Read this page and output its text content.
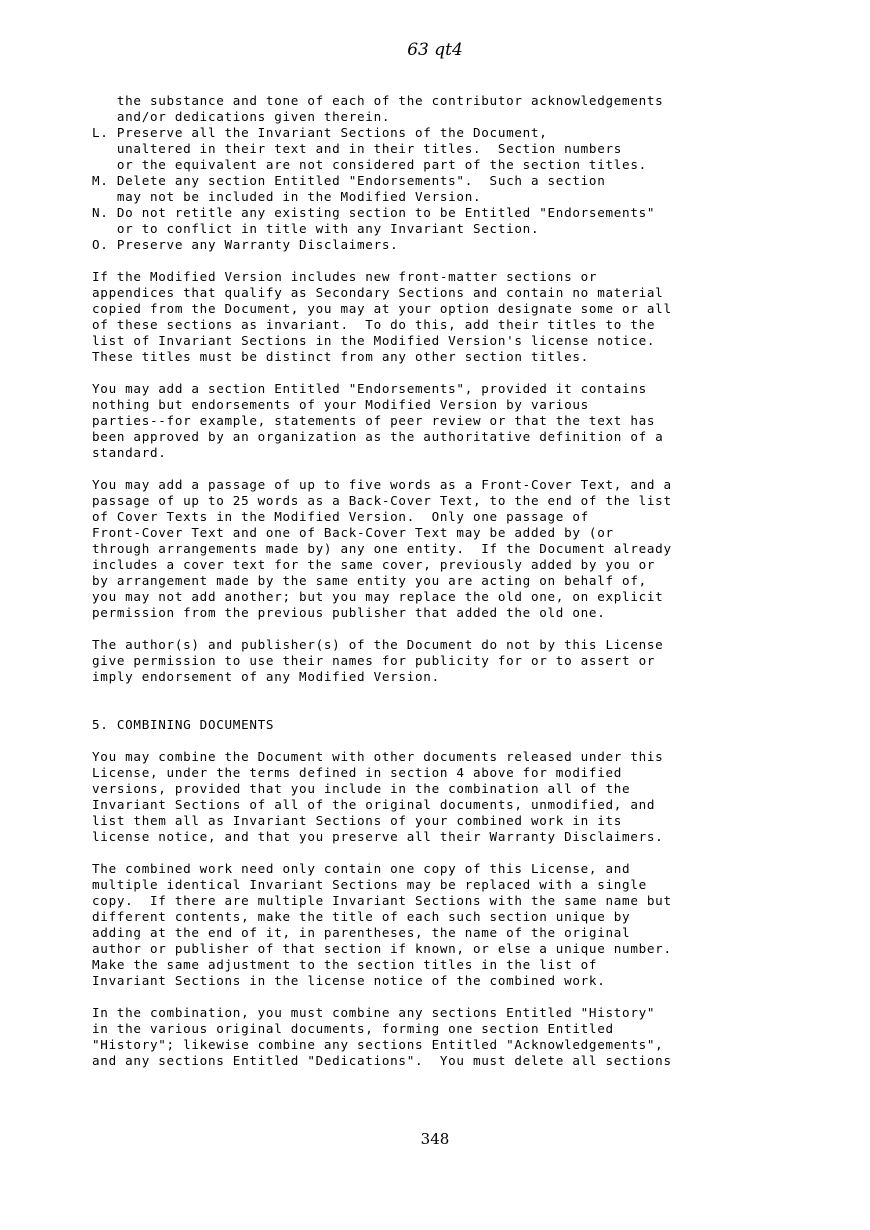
63 qt4
the substance and tone of each of the contributor acknowledgements
and/or dedications given therein.
L. Preserve all the Invariant Sections of the Document,
unaltered in their text and in their titles.  Section numbers
or the equivalent are not considered part of the section titles.
M. Delete any section Entitled "Endorsements".  Such a section
may not be included in the Modified Version.
N. Do not retitle any existing section to be Entitled "Endorsements"
or to conflict in title with any Invariant Section.
O. Preserve any Warranty Disclaimers.
If the Modified Version includes new front-matter sections or
appendices that qualify as Secondary Sections and contain no material
copied from the Document, you may at your option designate some or all
of these sections as invariant.  To do this, add their titles to the
list of Invariant Sections in the Modified Version's license notice.
These titles must be distinct from any other section titles.
You may add a section Entitled "Endorsements", provided it contains
nothing but endorsements of your Modified Version by various
parties--for example, statements of peer review or that the text has
been approved by an organization as the authoritative definition of a
standard.
You may add a passage of up to five words as a Front-Cover Text, and a
passage of up to 25 words as a Back-Cover Text, to the end of the list
of Cover Texts in the Modified Version.  Only one passage of
Front-Cover Text and one of Back-Cover Text may be added by (or
through arrangements made by) any one entity.  If the Document already
includes a cover text for the same cover, previously added by you or
by arrangement made by the same entity you are acting on behalf of,
you may not add another; but you may replace the old one, on explicit
permission from the previous publisher that added the old one.
The author(s) and publisher(s) of the Document do not by this License
give permission to use their names for publicity for or to assert or
imply endorsement of any Modified Version.
5. COMBINING DOCUMENTS
You may combine the Document with other documents released under this
License, under the terms defined in section 4 above for modified
versions, provided that you include in the combination all of the
Invariant Sections of all of the original documents, unmodified, and
list them all as Invariant Sections of your combined work in its
license notice, and that you preserve all their Warranty Disclaimers.
The combined work need only contain one copy of this License, and
multiple identical Invariant Sections may be replaced with a single
copy.  If there are multiple Invariant Sections with the same name but
different contents, make the title of each such section unique by
adding at the end of it, in parentheses, the name of the original
author or publisher of that section if known, or else a unique number.
Make the same adjustment to the section titles in the list of
Invariant Sections in the license notice of the combined work.
In the combination, you must combine any sections Entitled "History"
in the various original documents, forming one section Entitled
"History"; likewise combine any sections Entitled "Acknowledgements",
and any sections Entitled "Dedications".  You must delete all sections
348
